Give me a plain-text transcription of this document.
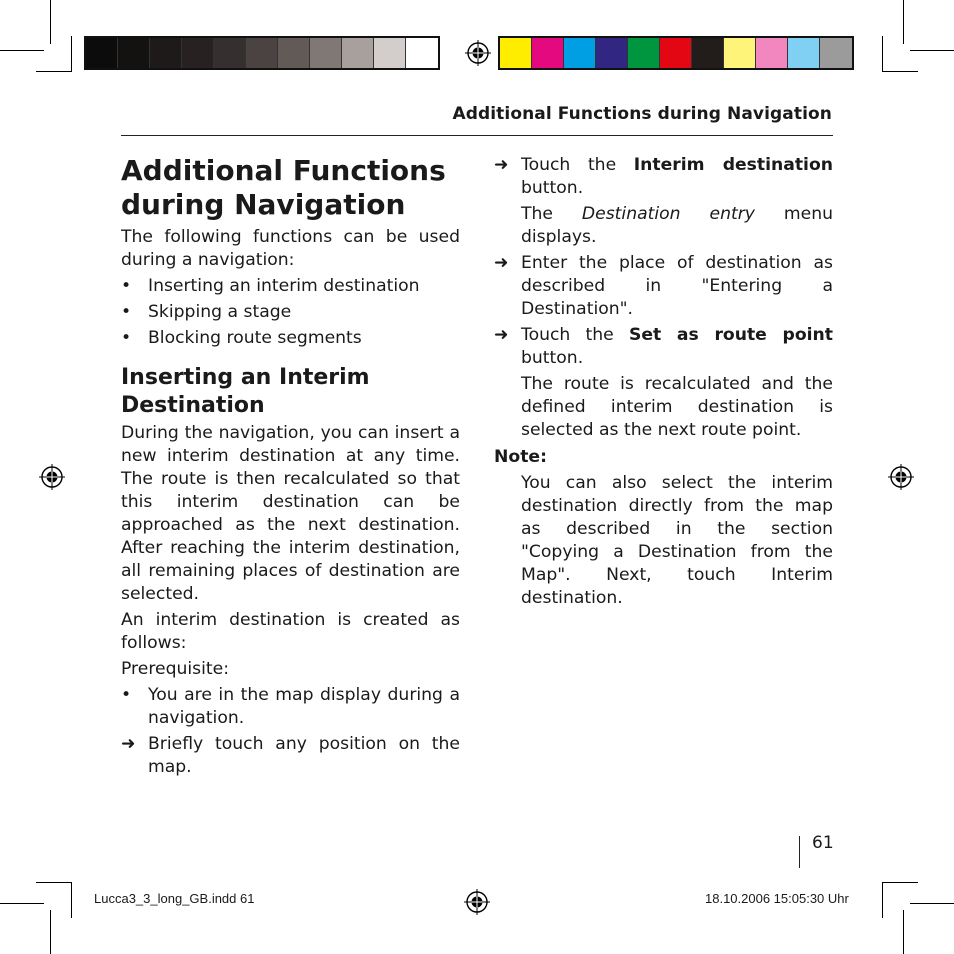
Additional Functions during Navigation
Additional Functions during Navigation

The following functions can be used during a navigation:

• Inserting an interim destination
• Skipping a stage
• Blocking route segments
Inserting an Interim Destination

During the navigation, you can insert a new interim destination at any time. The route is then recalculated so that this interim destination can be approached as the next destination. After reaching the interim destination, all remaining places of destination are selected.

An interim destination is created as follows:

Prerequisite:

• You are in the map display during a navigation.
➜ Briefly touch any position on the map.
➜ Touch the Interim destination button.
The Destination entry menu displays.
➜ Enter the place of destination as described in "Entering a Destination".
➜ Touch the Set as route point button.
The route is recalculated and the defined interim destination is selected as the next route point.
Note:
You can also select the interim destination directly from the map as described in the section "Copying a Destination from the Map". Next, touch Interim destination.
61
Lucca3_3_long_GB.indd 61	18.10.2006 15:05:30 Uhr
